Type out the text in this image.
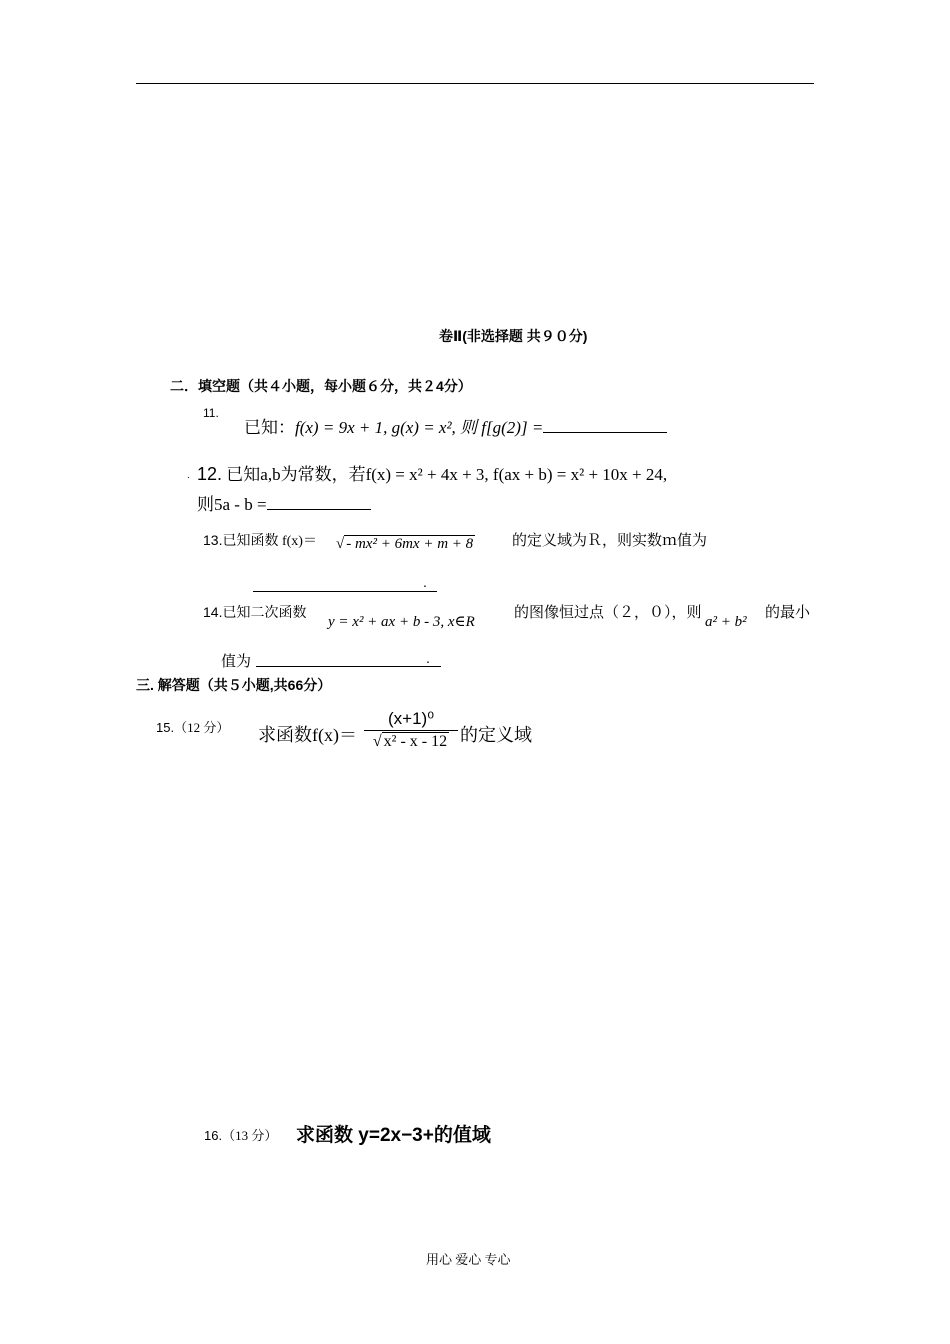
卷Ⅱ(非选择题 共９０分)
二．填空题（共４小题，每小题６分，共２4分）
11.
已知：f(x) = 9x + 1, g(x) = x², 则 f[g(2)] =
. 12. 已知a,b为常数，若f(x) = x² + 4x + 3, f(ax + b) = x² + 10x + 24,
则5a - b =
13.已知函数 f(x)＝ √ - mx² + 6mx + m + 8	的定义域为Ｒ，则实数ｍ值为
.
14.已知二次函数
y = x² + ax + b - 3, x∈R
的图像恒过点（２，０），则
a² + b²
的最小
值为	.
三. 解答题（共５小题,共66分）
15.（12 分） 求函数f(x)＝
(x+1)⁰
√ x² - x - 12 的定义域
16.（13 分） 求函数 y=2x−3+的值域
用心 爱心 专心
